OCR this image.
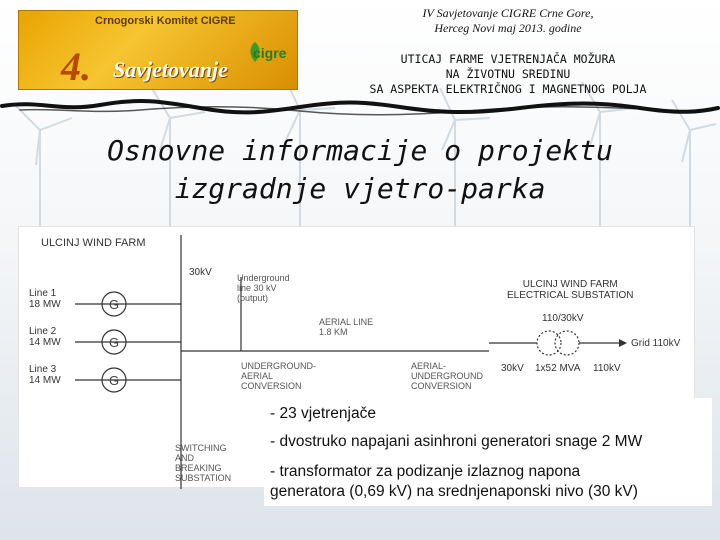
Crnogorski Komitet CIGRE
4. Savjetovanje
cigre
IV Savjetovanje CIGRE Crne Gore,
Herceg Novi maj 2013. godine
UTICAJ FARME VJETRENJAČA MOŽURA
NA ŽIVOTNU SREDINU
SA ASPEKTA ELEKTRIČNOG I MAGNETNOG POLJA
Osnovne informacije o projektu
izgradnje vjetro-parka
ULCINJ WIND FARM
30kV
Line 1
18 MW
Line 2
14 MW
Line 3
14 MW
G
G
G
Underground
line 30 kV
(output)
AERIAL LINE
1.8 KM
UNDERGROUND-
AERIAL
CONVERSION
AERIAL-
UNDERGROUND
CONVERSION
SWITCHING
AND
BREAKING
SUBSTATION
ULCINJ WIND FARM
ELECTRICAL SUBSTATION
110/30kV
Grid 110kV
30kV 1x52 MVA 110kV
- 23 vjetrenjače
- dvostruko napajani asinhroni generatori snage 2 MW
- transformator za podizanje izlaznog napona
generatora (0,69 kV) na srednjenaponski nivo (30 kV)
